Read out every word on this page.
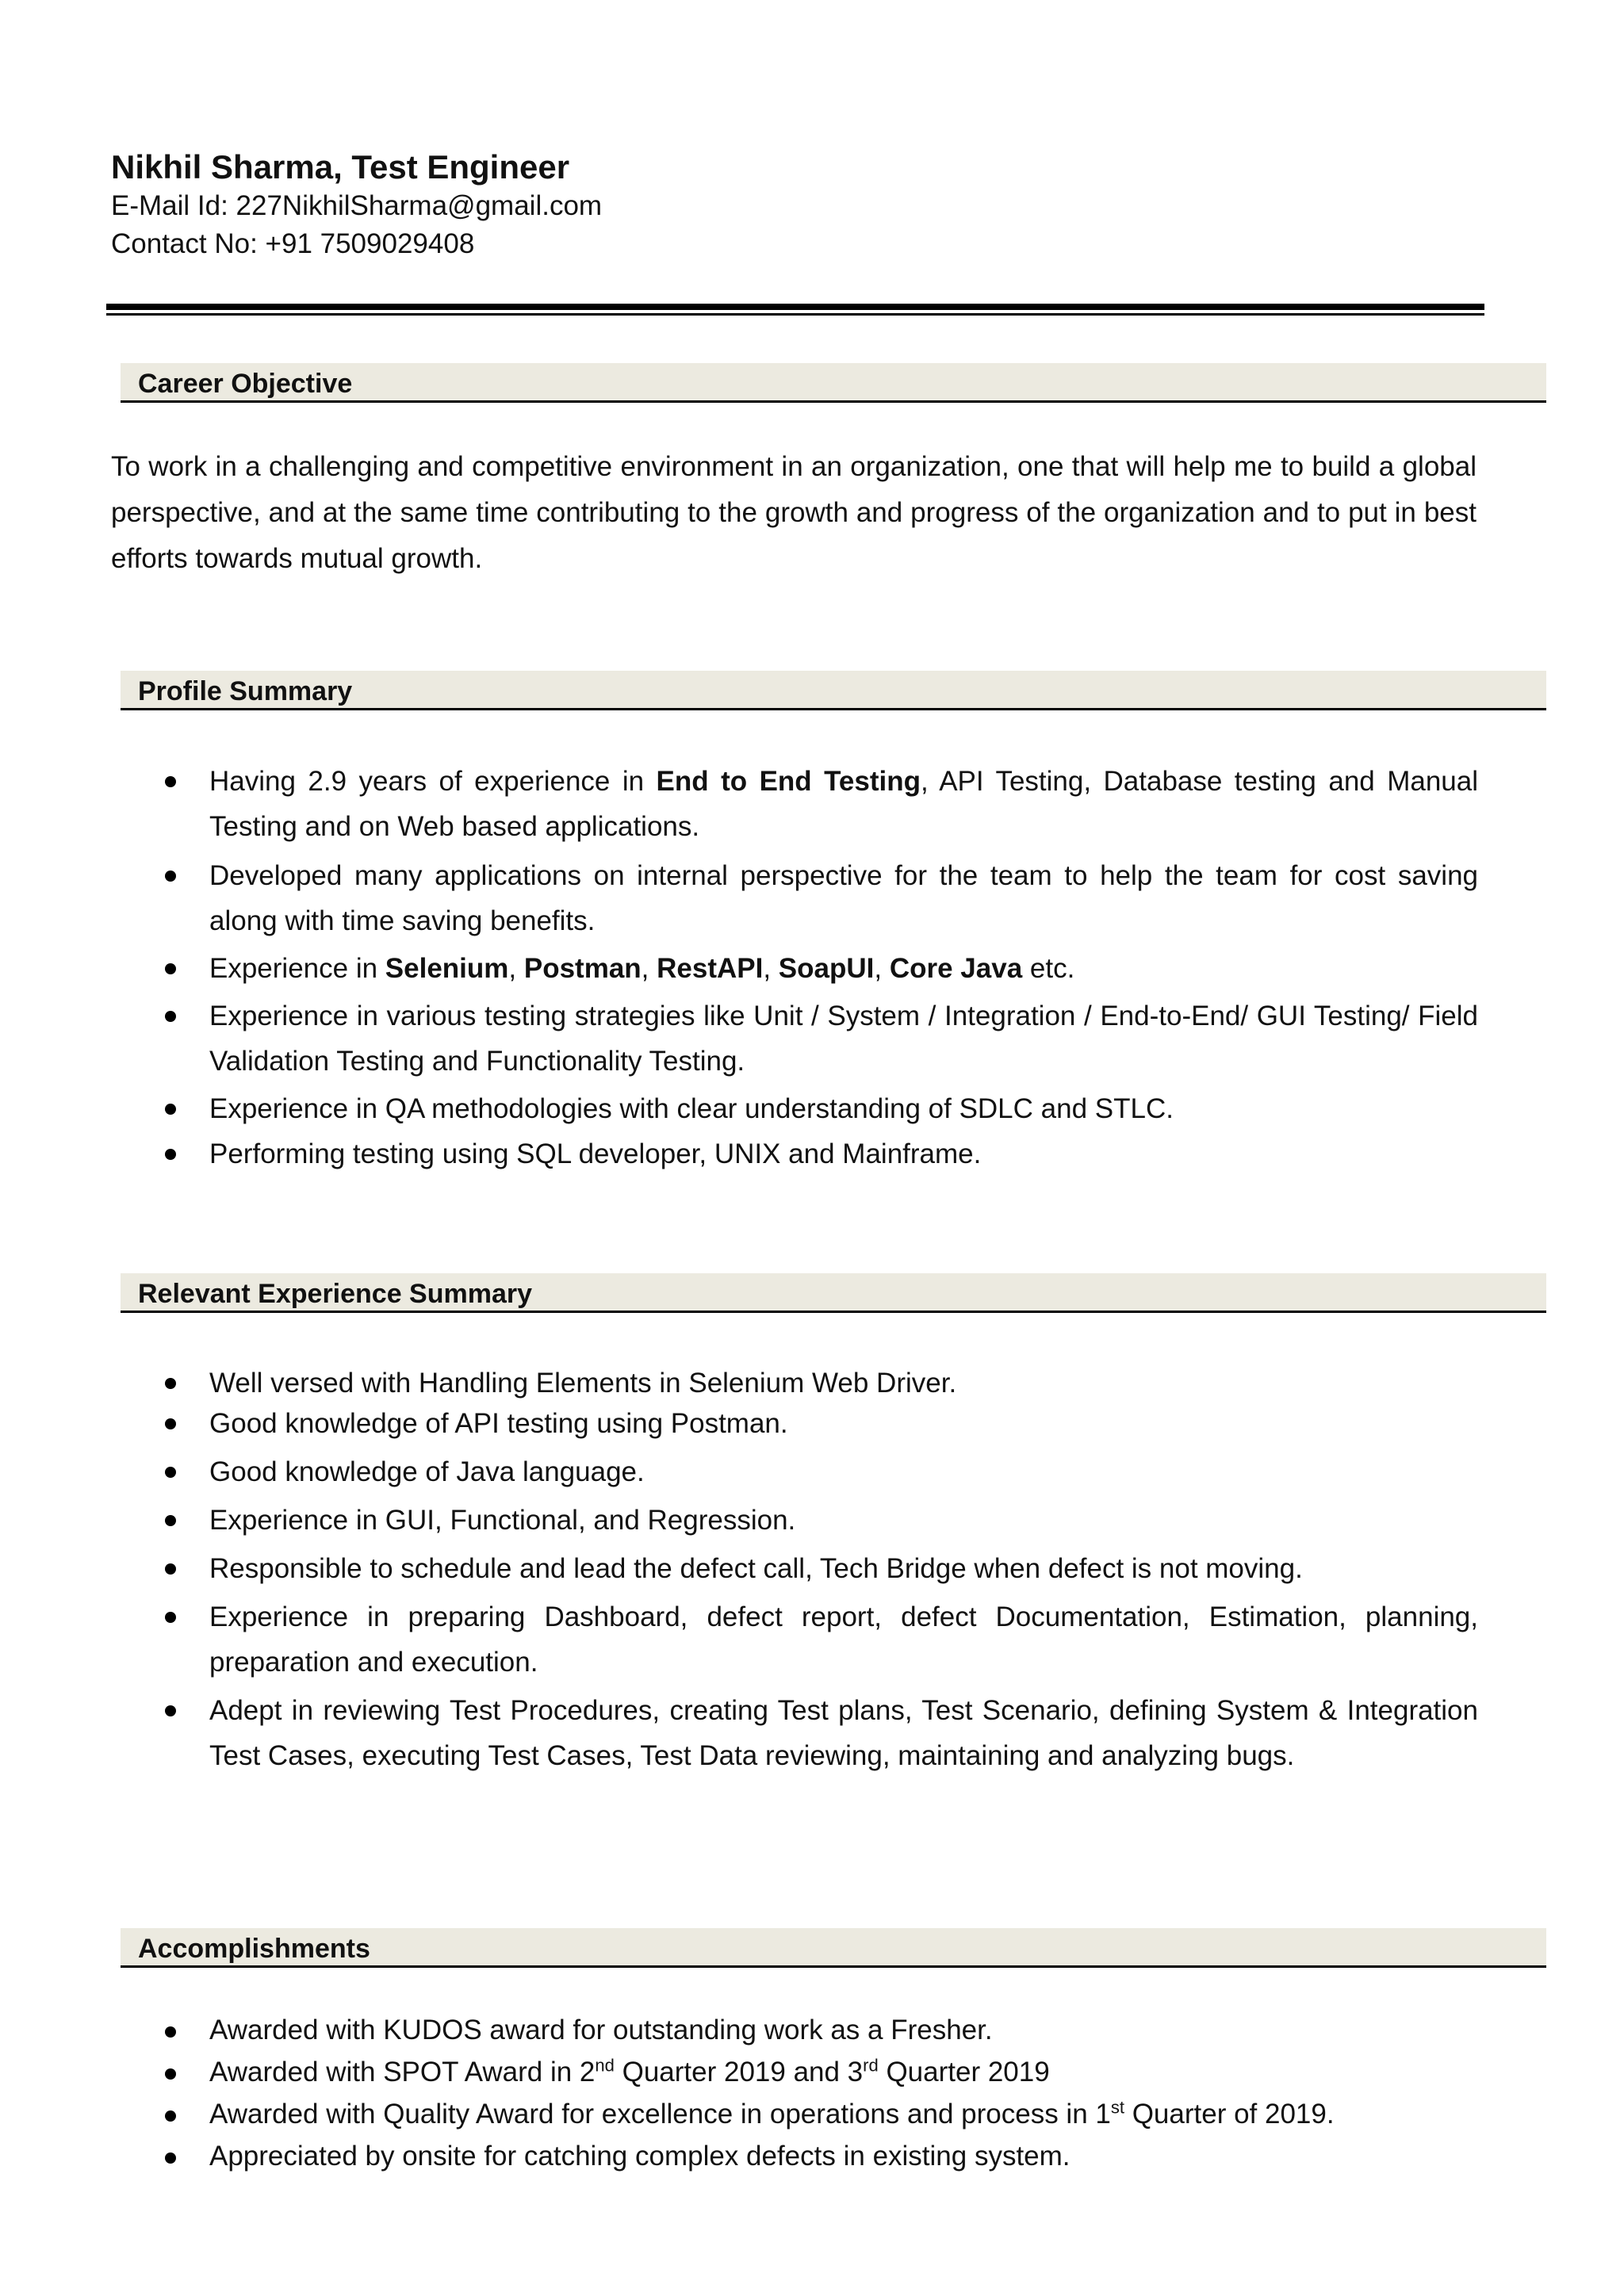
Nikhil Sharma, Test Engineer

E-Mail Id: 227NikhilSharma@gmail.com

Contact No: +91 7509029408

Career Objective

To work in a challenging and competitive environment in an organization, one that will help me to build a global perspective, and at the same time contributing to the growth and progress of the organization and to put in best efforts towards mutual growth.

Profile Summary
Having 2.9 years of experience in End to End Testing, API Testing, Database testing and Manual Testing and on Web based applications.
Developed many applications on internal perspective for the team to help the team for cost saving along with time saving benefits.
Experience in Selenium, Postman, RestAPI, SoapUI, Core Java etc.
Experience in various testing strategies like Unit / System / Integration / End-to-End/ GUI Testing/ Field Validation Testing and Functionality Testing.
Experience in QA methodologies with clear understanding of SDLC and STLC.
Performing testing using SQL developer, UNIX and Mainframe.
Relevant Experience Summary
Well versed with Handling Elements in Selenium Web Driver.
Good knowledge of API testing using Postman.
Good knowledge of Java language.
Experience in GUI, Functional, and Regression.
Responsible to schedule and lead the defect call, Tech Bridge when defect is not moving.
Experience in preparing Dashboard, defect report, defect Documentation, Estimation, planning, preparation and execution.
Adept in reviewing Test Procedures, creating Test plans, Test Scenario, defining System & Integration Test Cases, executing Test Cases, Test Data reviewing, maintaining and analyzing bugs.
Accomplishments
Awarded with KUDOS award for outstanding work as a Fresher.
Awarded with SPOT Award in 2nd Quarter 2019 and 3rd Quarter 2019
Awarded with Quality Award for excellence in operations and process in 1st Quarter of 2019.
Appreciated by onsite for catching complex defects in existing system.
